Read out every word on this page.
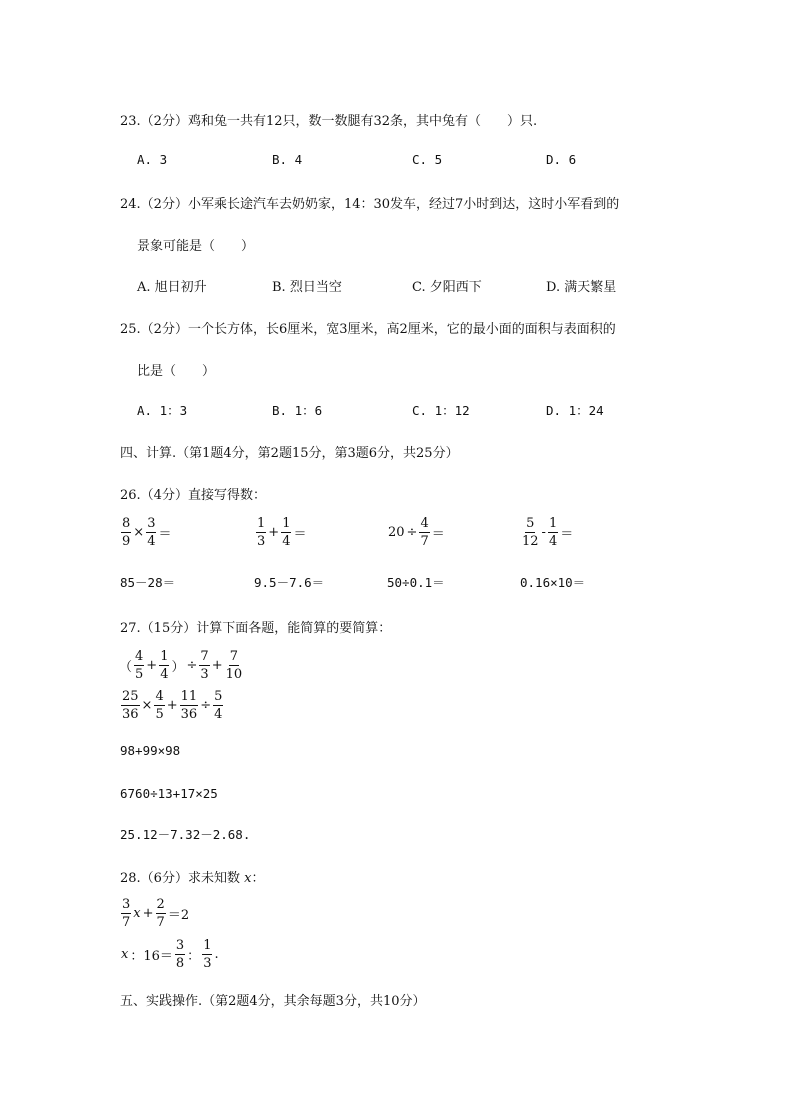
23.（2分）鸡和兔一共有12只，数一数腿有32条，其中兔有（　　）只.
A. 3	B. 4	C. 5	D. 6
24.（2分）小军乘长途汽车去奶奶家，14：30发车，经过7小时到达，这时小军看到的
景象可能是（　　）
A. 旭日初升	B. 烈日当空	C. 夕阳西下	D. 满天繁星
25.（2分）一个长方体，长6厘米，宽3厘米，高2厘米，它的最小面的面积与表面积的
比是（　　）
A. 1：3	B. 1：6	C. 1：12	D. 1：24
四、计算.（第1题4分，第2题15分，第3题6分，共25分）
26.（4分）直接写得数：
$\frac{8}{9} \times \frac{3}{4}$ ＝	$\frac{1}{3} + \frac{1}{4}$ ＝	$20 \div \frac{4}{7}$ ＝	$\frac{5}{12} - \frac{1}{4}$ ＝
85－28＝	9.5－7.6＝	50÷0.1＝	0.16×10＝
27.（15分）计算下面各题，能简算的要简算：
（ $\frac{4}{5} + \frac{1}{4}$ ） ÷ $\frac{7}{3} + \frac{7}{10}$
$\frac{25}{36} \times \frac{4}{5} + \frac{11}{36} \div \frac{5}{4}$
98+99×98
6760÷13+17×25
25.12－7.32－2.68.
28.（6分）求未知数 x：
$\frac{3}{7}$ $x + \frac{2}{7} =2$
x ：$16= \frac{3}{8}$ ： $\frac{1}{3}$ .
五、实践操作.（第2题4分，其余每题3分，共10分）
